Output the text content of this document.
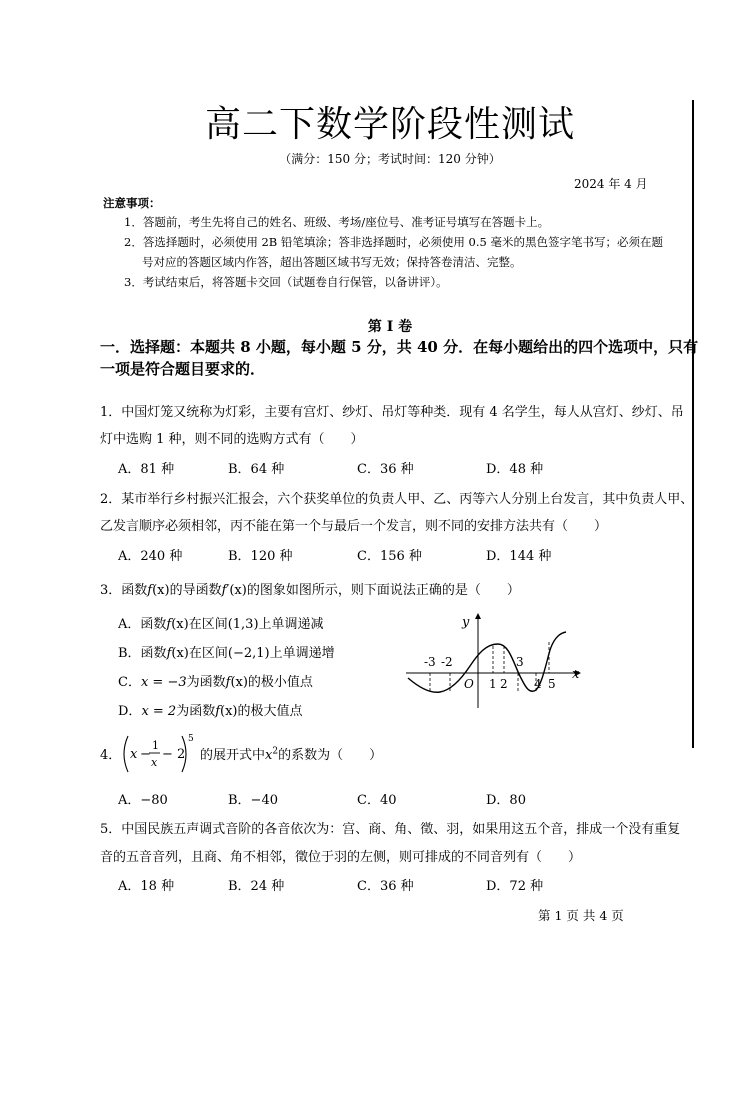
高二下数学阶段性测试
（满分：150 分；考试时间：120 分钟）
2024 年 4 月
注意事项：
1．答题前，考生先将自己的姓名、班级、考场/座位号、准考证号填写在答题卡上。
2．答选择题时，必须使用 2B 铅笔填涂；答非选择题时，必须使用 0.5 毫米的黑色签字笔书写；必须在题
号对应的答题区域内作答，超出答题区域书写无效；保持答卷清洁、完整。
3．考试结束后，将答题卡交回（试题卷自行保管，以备讲评）。
第 I 卷
一．选择题：本题共 8 小题，每小题 5 分，共 40 分．在每小题给出的四个选项中，只有
一项是符合题目要求的．
1．中国灯笼又统称为灯彩，主要有宫灯、纱灯、吊灯等种类．现有 4 名学生，每人从宫灯、纱灯、吊
灯中选购 1 种，则不同的选购方式有（　　）
A．81 种	B．64 种	C．36 种	D．48 种
2．某市举行乡村振兴汇报会，六个获奖单位的负责人甲、乙、丙等六人分别上台发言，其中负责人甲、
乙发言顺序必须相邻，丙不能在第一个与最后一个发言，则不同的安排方法共有（　　）
A．240 种	B．120 种	C．156 种	D．144 种
3．函数f(x)的导函数f′(x)的图象如图所示，则下面说法正确的是（　　）
A．函数f(x)在区间(1,3)上单调递减
B．函数f(x)在区间(−2,1)上单调递增
C．x = −3为函数f(x)的极小值点
D．x = 2为函数f(x)的极大值点
y
x
O
-3 -2
1 2
3
4 5
4． x −
1
x
− 2
5
的展开式中$x^2$的系数为（　　）
A．−80	B．−40	C．40	D．80
5．中国民族五声调式音阶的各音依次为：宫、商、角、徵、羽，如果用这五个音，排成一个没有重复
音的五音音列，且商、角不相邻，徵位于羽的左侧，则可排成的不同音列有（　　）
A．18 种	B．24 种	C．36 种	D．72 种
第 1 页 共 4 页
